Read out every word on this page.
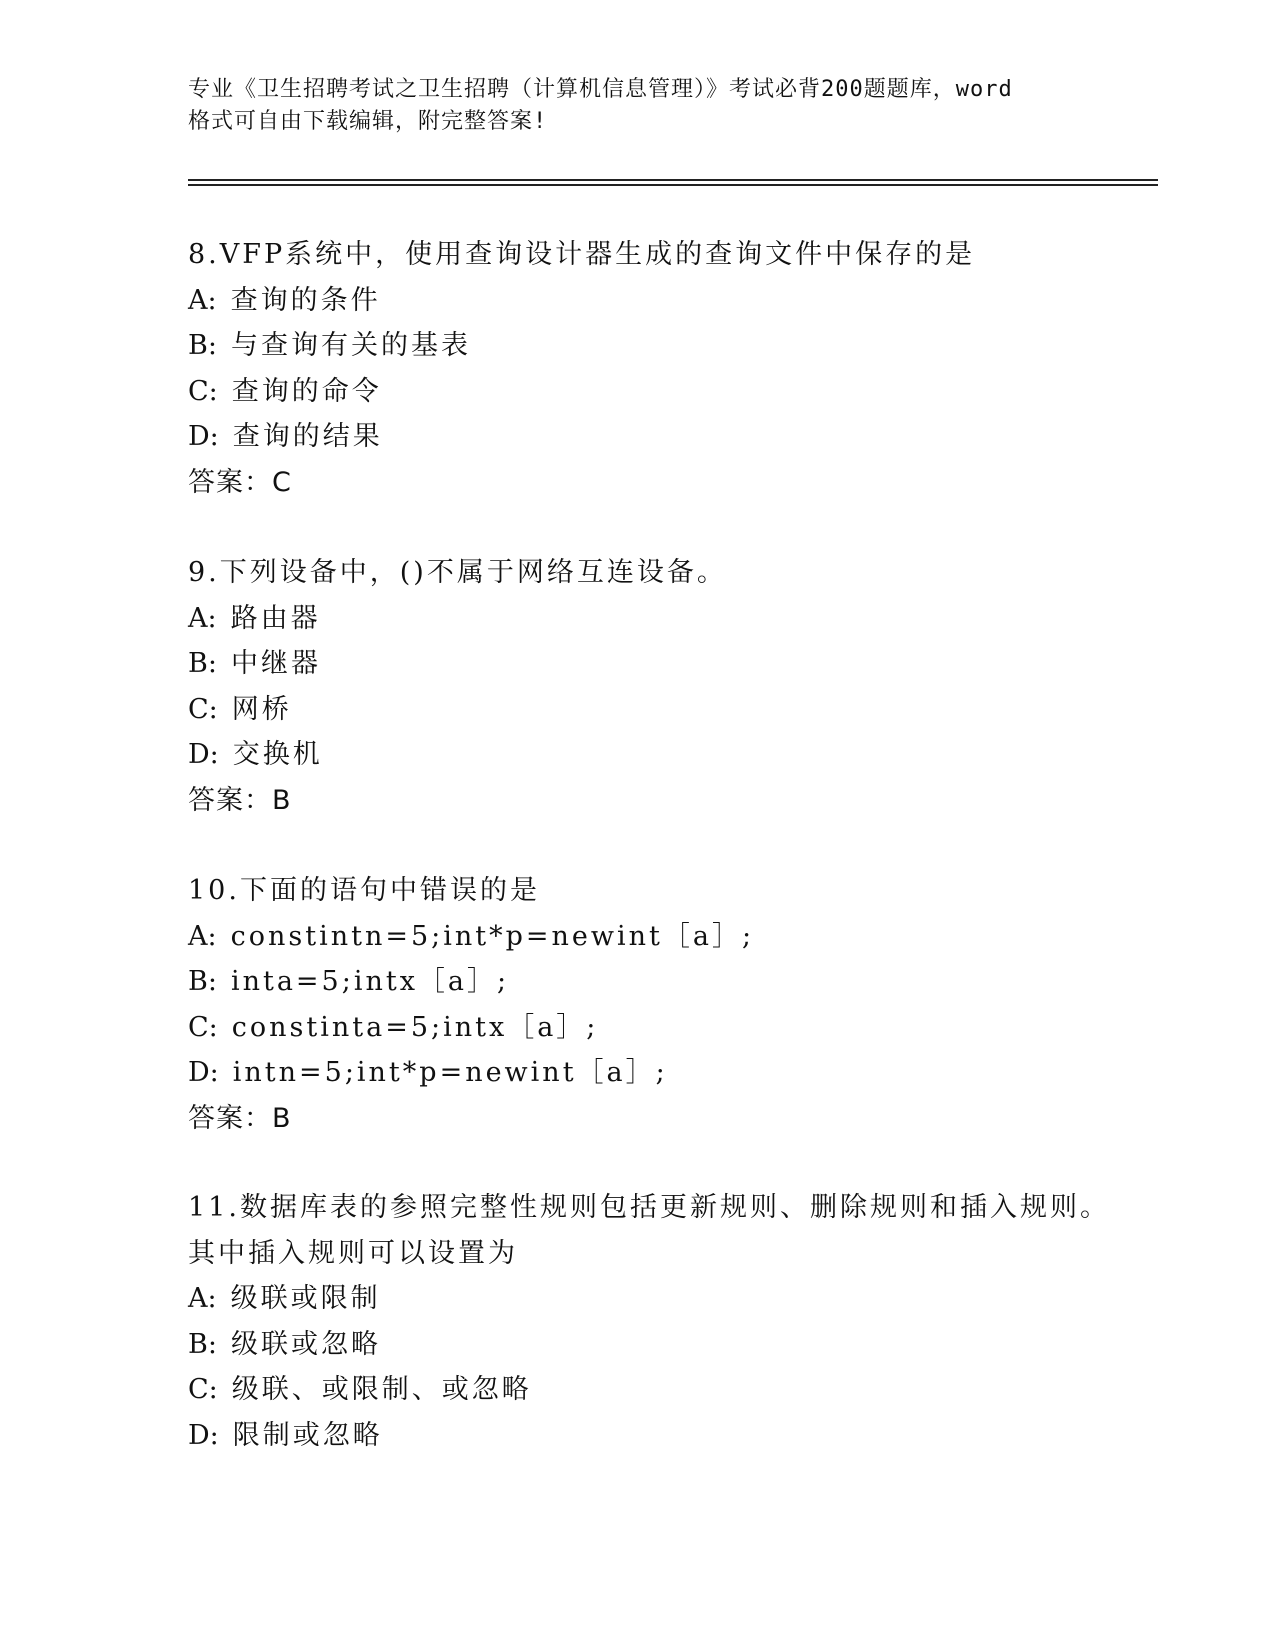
专业《卫生招聘考试之卫生招聘（计算机信息管理）》考试必背200题题库，word
格式可自由下载编辑，附完整答案!
8.VFP系统中，使用查询设计器生成的查询文件中保存的是
A: 查询的条件
B: 与查询有关的基表
C: 查询的命令
D: 查询的结果
答案：C
9.下列设备中，()不属于网络互连设备。
A: 路由器
B: 中继器
C: 网桥
D: 交换机
答案：B
10.下面的语句中错误的是
A: constintn=5;int*p=newint［a］;
B: inta=5;intx［a］;
C: constinta=5;intx［a］;
D: intn=5;int*p=newint［a］;
答案：B
11.数据库表的参照完整性规则包括更新规则、删除规则和插入规则。
其中插入规则可以设置为
A: 级联或限制
B: 级联或忽略
C: 级联、或限制、或忽略
D: 限制或忽略
